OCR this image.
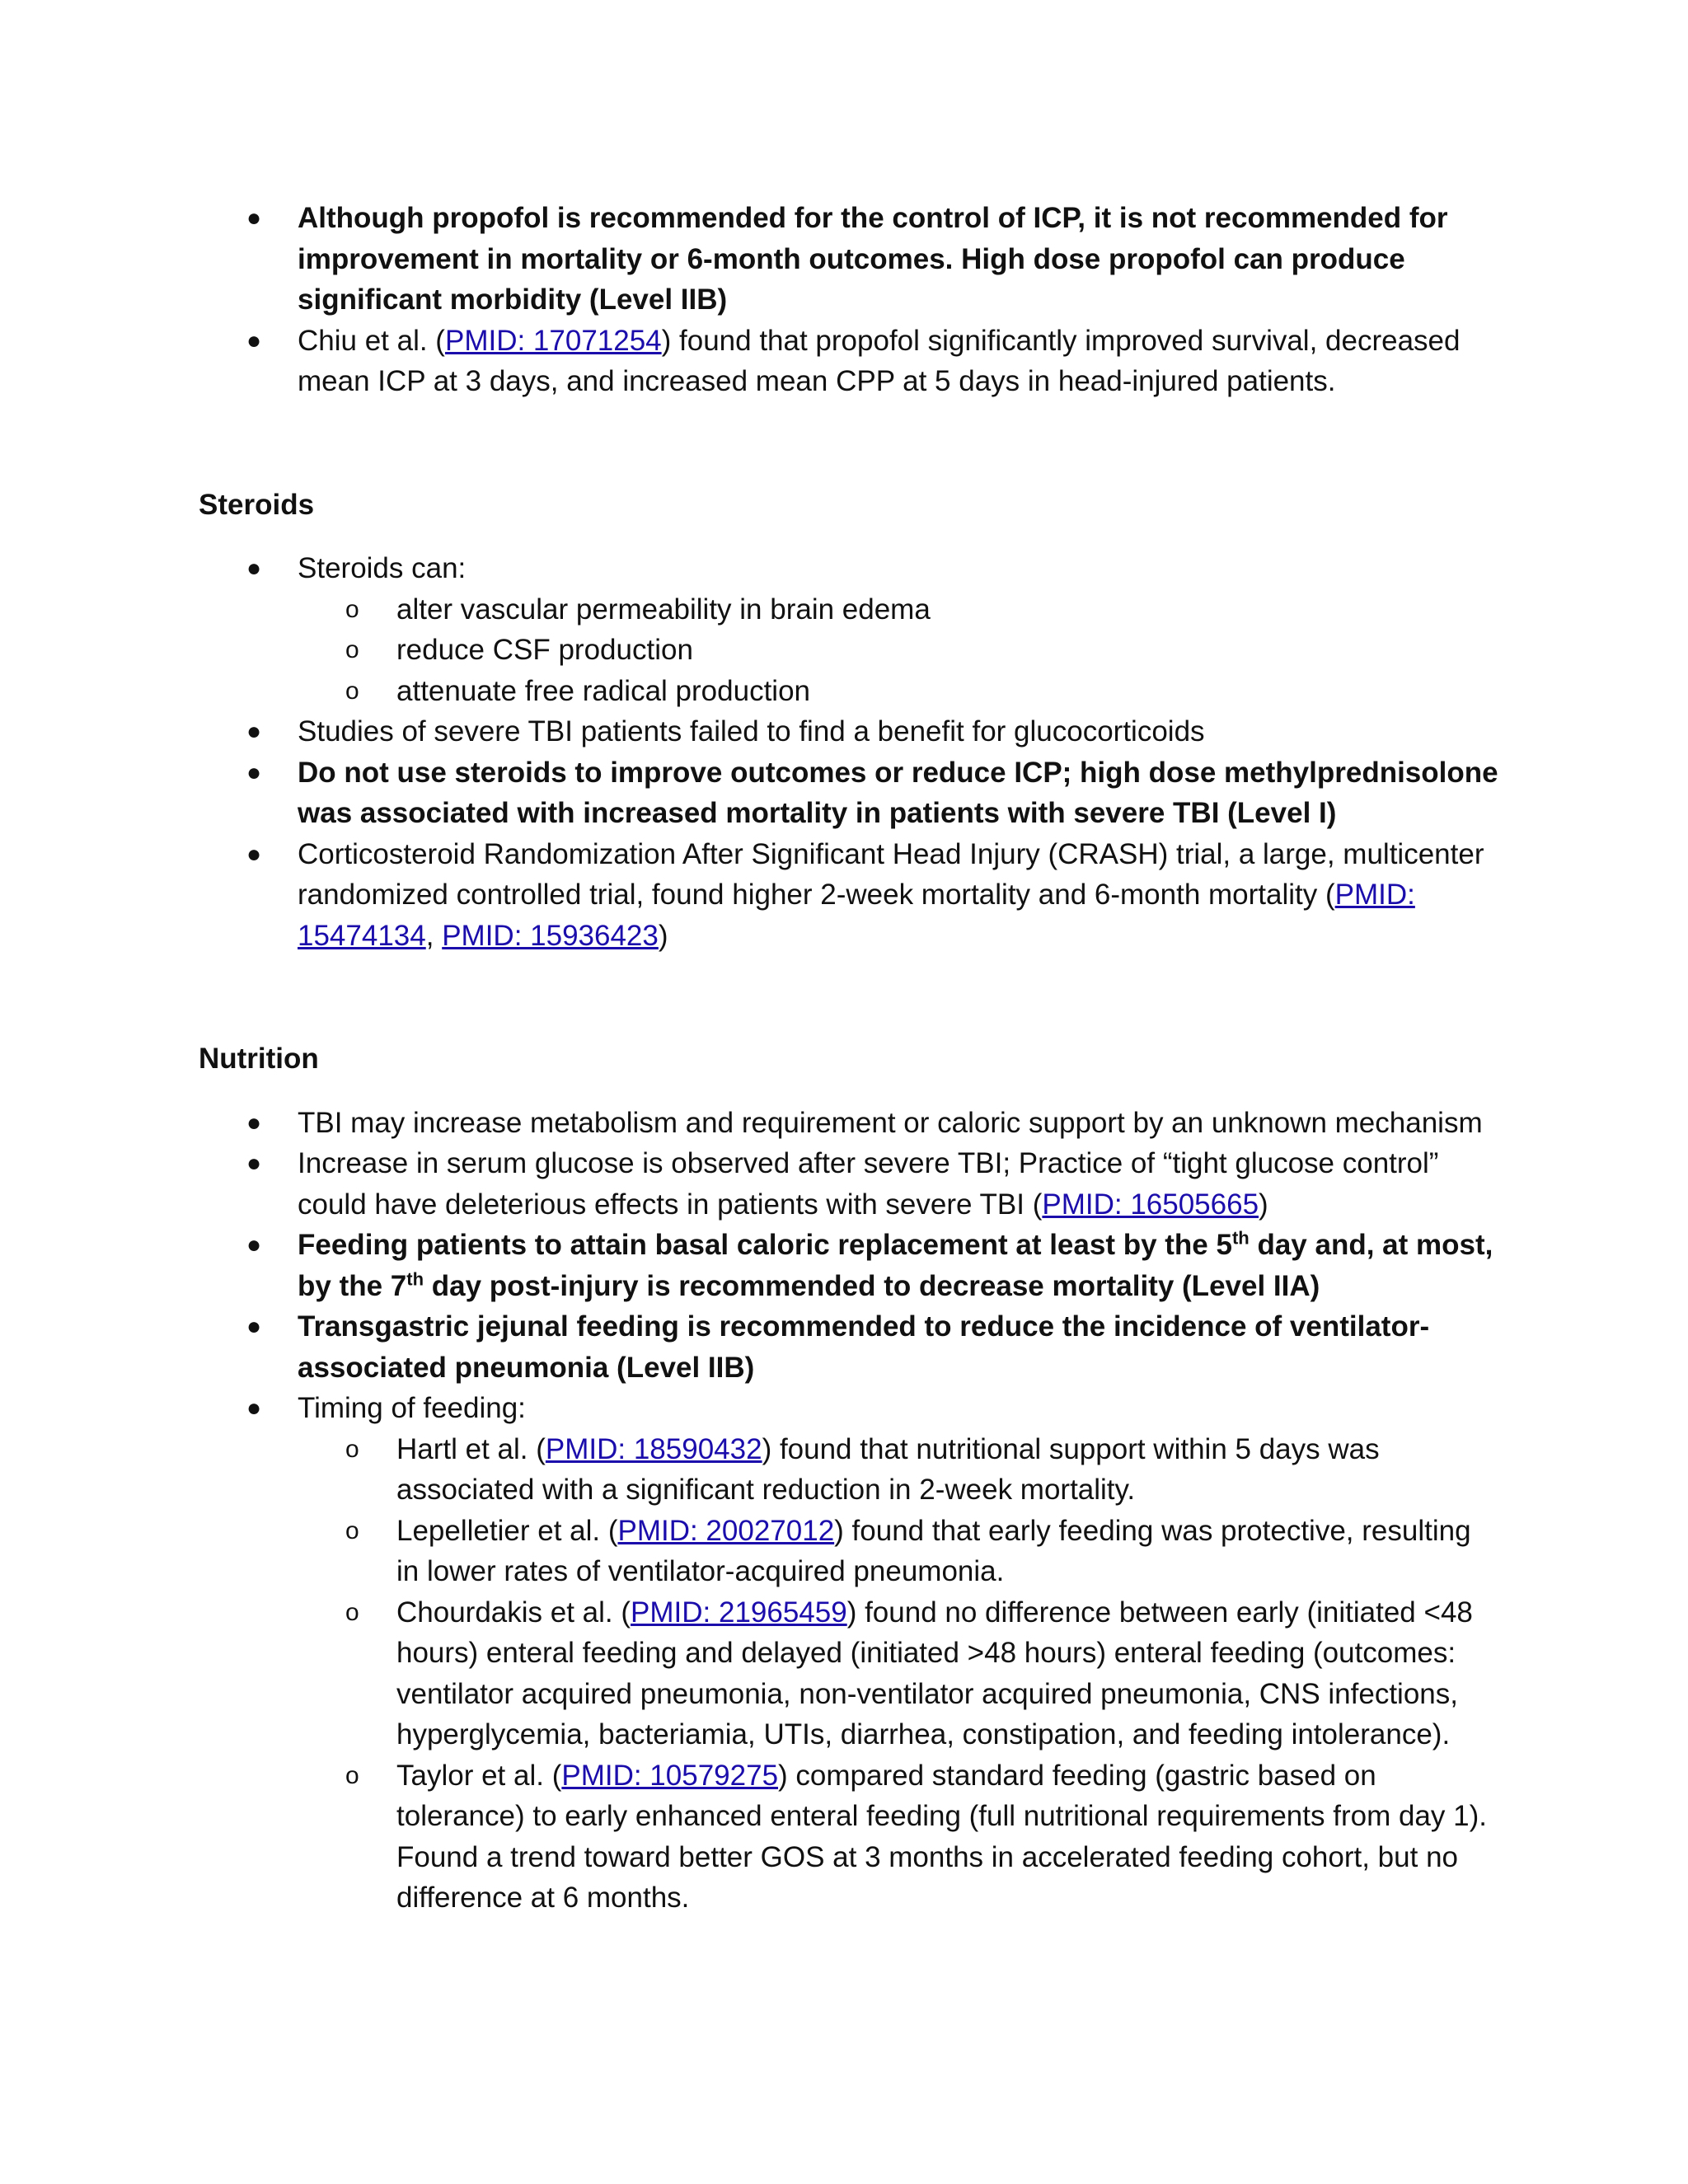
● Although propofol is recommended for the control of ICP, it is not recommended for improvement in mortality or 6-month outcomes. High dose propofol can produce significant morbidity (Level IIB)
● Chiu et al. (PMID: 17071254) found that propofol significantly improved survival, decreased mean ICP at 3 days, and increased mean CPP at 5 days in head-injured patients.
Steroids
● Steroids can:
o alter vascular permeability in brain edema
o reduce CSF production
o attenuate free radical production
● Studies of severe TBI patients failed to find a benefit for glucocorticoids
● Do not use steroids to improve outcomes or reduce ICP; high dose methylprednisolone was associated with increased mortality in patients with severe TBI (Level I)
● Corticosteroid Randomization After Significant Head Injury (CRASH) trial, a large, multicenter randomized controlled trial, found higher 2-week mortality and 6-month mortality (PMID: 15474134, PMID: 15936423)
Nutrition
● TBI may increase metabolism and requirement or caloric support by an unknown mechanism
● Increase in serum glucose is observed after severe TBI; Practice of “tight glucose control” could have deleterious effects in patients with severe TBI (PMID: 16505665)
● Feeding patients to attain basal caloric replacement at least by the 5th day and, at most, by the 7th day post-injury is recommended to decrease mortality (Level IIA)
● Transgastric jejunal feeding is recommended to reduce the incidence of ventilator-associated pneumonia (Level IIB)
● Timing of feeding:
o Hartl et al. (PMID: 18590432) found that nutritional support within 5 days was associated with a significant reduction in 2-week mortality.
o Lepelletier et al. (PMID: 20027012) found that early feeding was protective, resulting in lower rates of ventilator-acquired pneumonia.
o Chourdakis et al. (PMID: 21965459) found no difference between early (initiated <48 hours) enteral feeding and delayed (initiated >48 hours) enteral feeding (outcomes: ventilator acquired pneumonia, non-ventilator acquired pneumonia, CNS infections, hyperglycemia, bacteriamia, UTIs, diarrhea, constipation, and feeding intolerance).
o Taylor et al. (PMID: 10579275) compared standard feeding (gastric based on tolerance) to early enhanced enteral feeding (full nutritional requirements from day 1). Found a trend toward better GOS at 3 months in accelerated feeding cohort, but no difference at 6 months.
